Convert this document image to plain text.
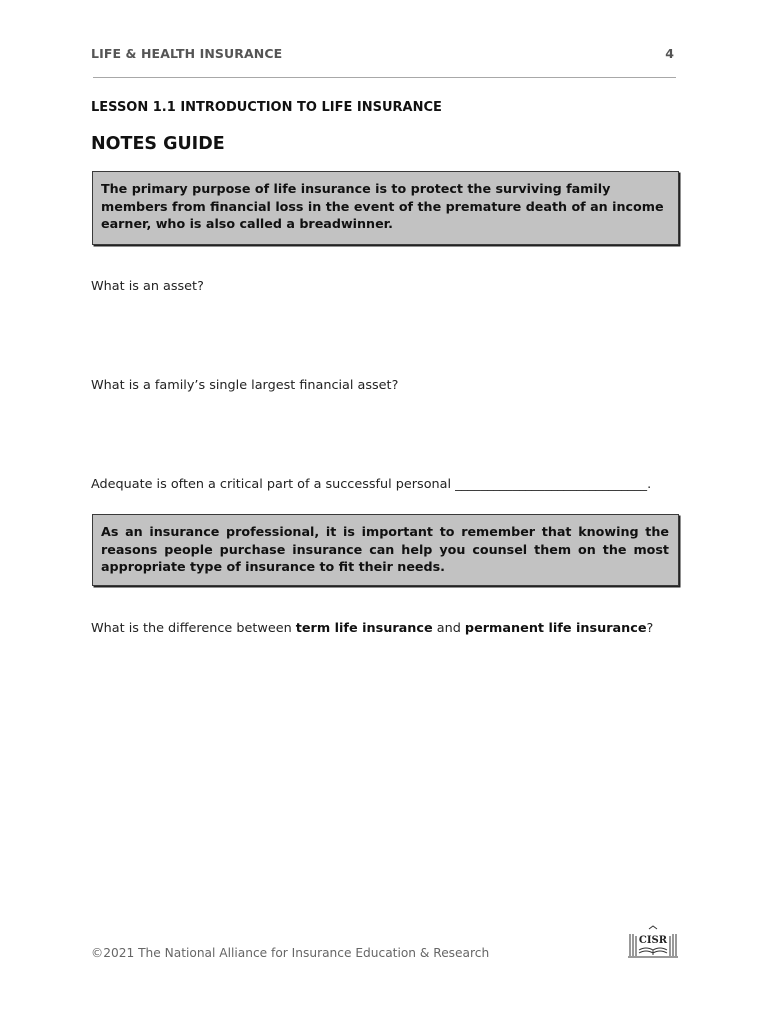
LIFE & HEALTH INSURANCE	4
LESSON 1.1 INTRODUCTION TO LIFE INSURANCE
NOTES GUIDE
The primary purpose of life insurance is to protect the surviving family members from financial loss in the event of the premature death of an income earner, who is also called a breadwinner.
What is an asset?
What is a family’s single largest financial asset?
Adequate is often a critical part of a successful personal ______________________________.
As an insurance professional, it is important to remember that knowing the reasons people purchase insurance can help you counsel them on the most appropriate type of insurance to fit their needs.
What is the difference between term life insurance and permanent life insurance?
©2021 The National Alliance for Insurance Education & Research
CISR
